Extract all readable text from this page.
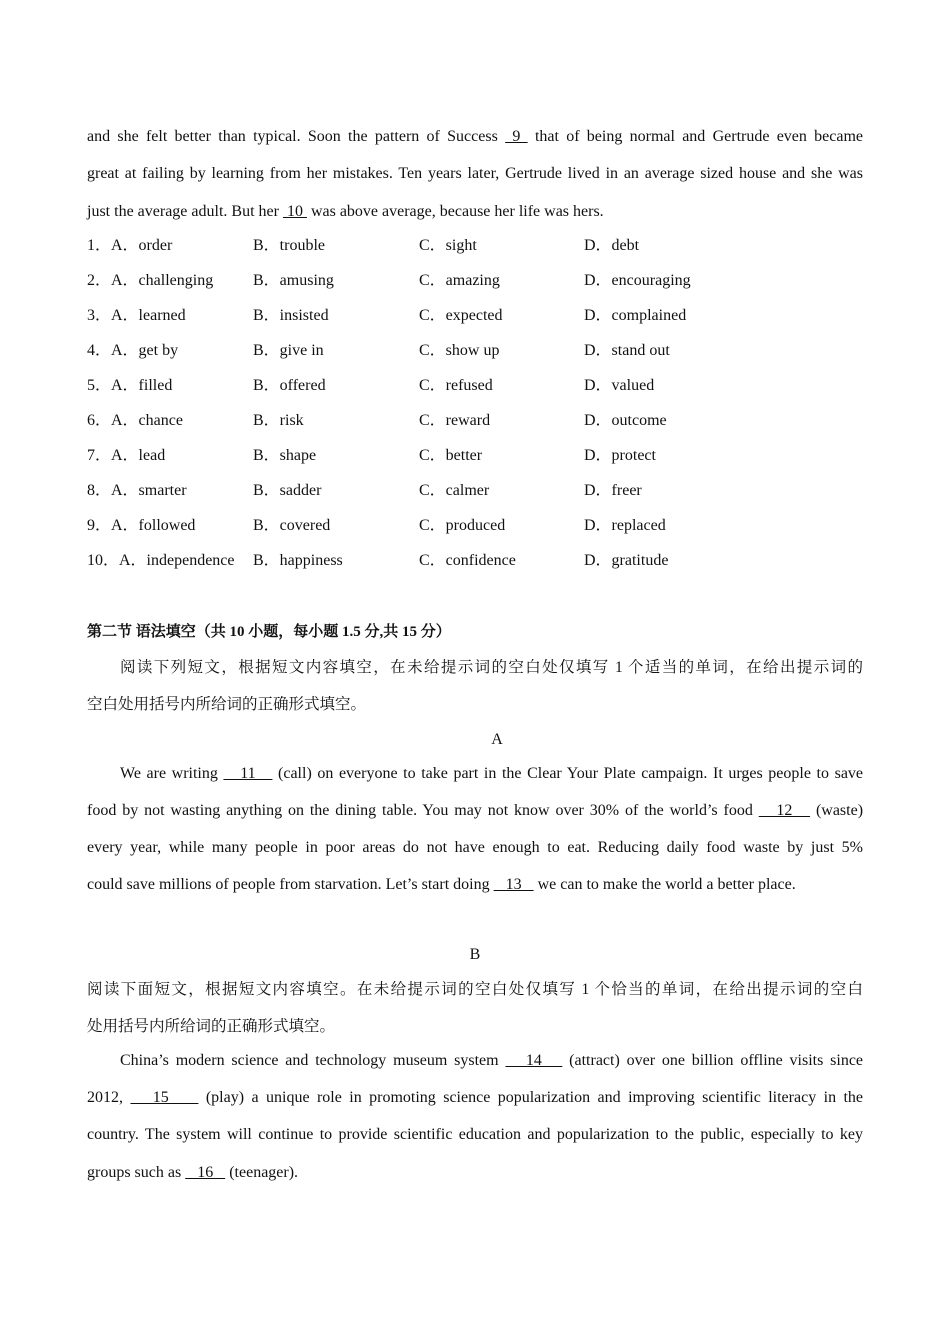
and she felt better than typical. Soon the pattern of Success  9  that of being normal and Gertrude even became
great at failing by learning from her mistakes. Ten years later, Gertrude lived in an average sized house and she was
just the average adult. But her  10  was above average, because her life was hers.
1．A．order	B．trouble	C．sight	D．debt
2．A．challenging B．amusing	C．amazing	D．encouraging
3．A．learned	B．insisted	C．expected	D．complained
4．A．get by	B．give in	C．show up	D．stand out
5．A．filled	B．offered	C．refused	D．valued
6．A．chance	B．risk	C．reward	D．outcome
7．A．lead	B．shape	C．better	D．protect
8．A．smarter	B．sadder	C．calmer	D．freer
9．A．followed	B．covered	C．produced	D．replaced
10．A．independence B．happiness	C．confidence	D．gratitude
第二节 语法填空（共 10 小题，每小题 1.5 分,共 15 分）
阅读下列短文，根据短文内容填空，在未给提示词的空白处仅填写 1 个适当的单词，在给出提示词的
空白处用括号内所给词的正确形式填空。
A
We are writing    11    (call) on everyone to take part in the Clear Your Plate campaign. It urges people to save
food by not wasting anything on the dining table. You may not know over 30% of the world’s food    12    (waste)
every year, while many people in poor areas do not have enough to eat. Reducing daily food waste by just 5%
could save millions of people from starvation. Let’s start doing    13    we can to make the world a better place.
B
阅读下面短文，根据短文内容填空。在未给提示词的空白处仅填写 1 个恰当的单词，在给出提示词的空白
处用括号内所给词的正确形式填空。
China’s modern science and technology museum system    14    (attract) over one billion offline visits since
2012,    15     (play) a unique role in promoting science popularization and improving scientific literacy in the
country. The system will continue to provide scientific education and popularization to the public, especially to key
groups such as    16    (teenager).
